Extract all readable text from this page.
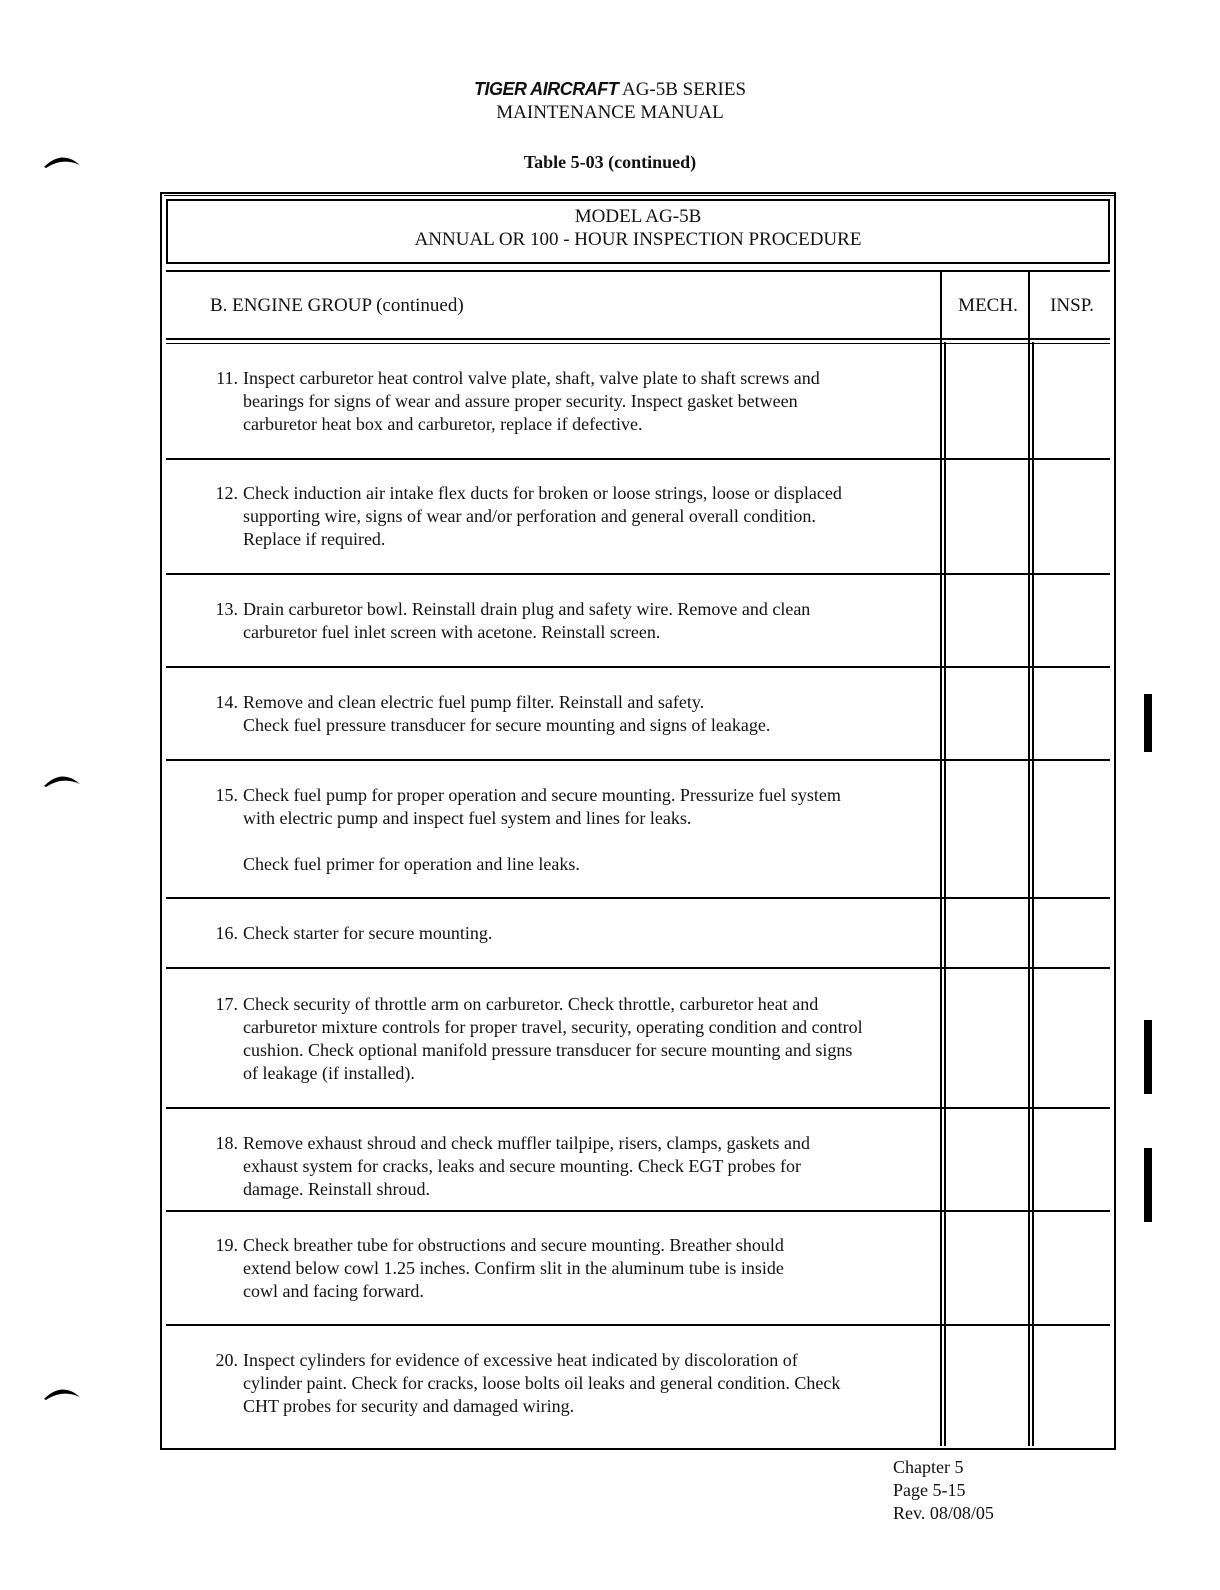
TIGER AIRCRAFT AG-5B SERIES
MAINTENANCE MANUAL
Table 5-03 (continued)
MODEL AG-5B
ANNUAL OR 100 - HOUR INSPECTION PROCEDURE
B. ENGINE GROUP (continued)	MECH.	INSP.
11. Inspect carburetor heat control valve plate, shaft, valve plate to shaft screws and

bearings for signs of wear and assure proper security. Inspect gasket between

carburetor heat box and carburetor, replace if defective.

12. Check induction air intake flex ducts for broken or loose strings, loose or displaced

supporting wire, signs of wear and/or perforation and general overall condition.

Replace if required.

13. Drain carburetor bowl. Reinstall drain plug and safety wire. Remove and clean

carburetor fuel inlet screen with acetone. Reinstall screen.

14. Remove and clean electric fuel pump filter. Reinstall and safety.

Check fuel pressure transducer for secure mounting and signs of leakage.

15. Check fuel pump for proper operation and secure mounting. Pressurize fuel system

with electric pump and inspect fuel system and lines for leaks.

Check fuel primer for operation and line leaks.

16. Check starter for secure mounting.

17. Check security of throttle arm on carburetor. Check throttle, carburetor heat and

carburetor mixture controls for proper travel, security, operating condition and control

cushion. Check optional manifold pressure transducer for secure mounting and signs

of leakage (if installed).

18. Remove exhaust shroud and check muffler tailpipe, risers, clamps, gaskets and

exhaust system for cracks, leaks and secure mounting. Check EGT probes for

damage. Reinstall shroud.

19. Check breather tube for obstructions and secure mounting. Breather should

extend below cowl 1.25 inches. Confirm slit in the aluminum tube is inside

cowl and facing forward.

20. Inspect cylinders for evidence of excessive heat indicated by discoloration of

cylinder paint. Check for cracks, loose bolts oil leaks and general condition. Check

CHT probes for security and damaged wiring.

Chapter 5
Page 5-15
Rev. 08/08/05
